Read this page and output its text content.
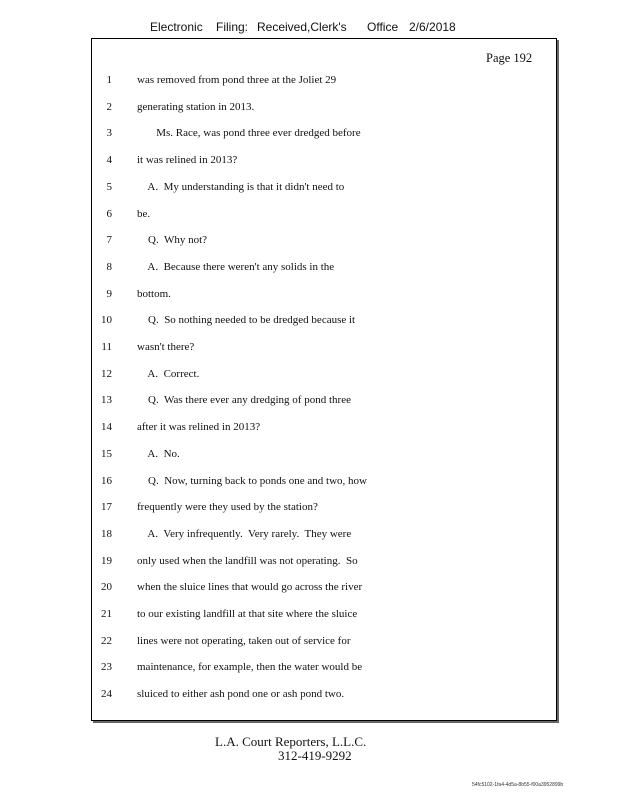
Electronic Filing: Received,Clerk's Office 2/6/2018
Page 192
1 was removed from pond three at the Joliet 29
2 generating station in 2013.
3 Ms. Race, was pond three ever dredged before
4 it was relined in 2013?
5 A.  My understanding is that it didn't need to
6 be.
7 Q.  Why not?
8 A.  Because there weren't any solids in the
9 bottom.
10 Q.  So nothing needed to be dredged because it
11 wasn't there?
12 A.  Correct.
13 Q.  Was there ever any dredging of pond three
14 after it was relined in 2013?
15 A.  No.
16 Q.  Now, turning back to ponds one and two, how
17 frequently were they used by the station?
18 A.  Very infrequently.  Very rarely.  They were
19 only used when the landfill was not operating.  So
20 when the sluice lines that would go across the river
21 to our existing landfill at that site where the sluice
22 lines were not operating, taken out of service for
23 maintenance, for example, then the water would be
24 sluiced to either ash pond one or ash pond two.
L.A. Court Reporters, L.L.C.
312-419-9292
54fc5102-1fa4-4d5a-8b55-f00a3952899b
